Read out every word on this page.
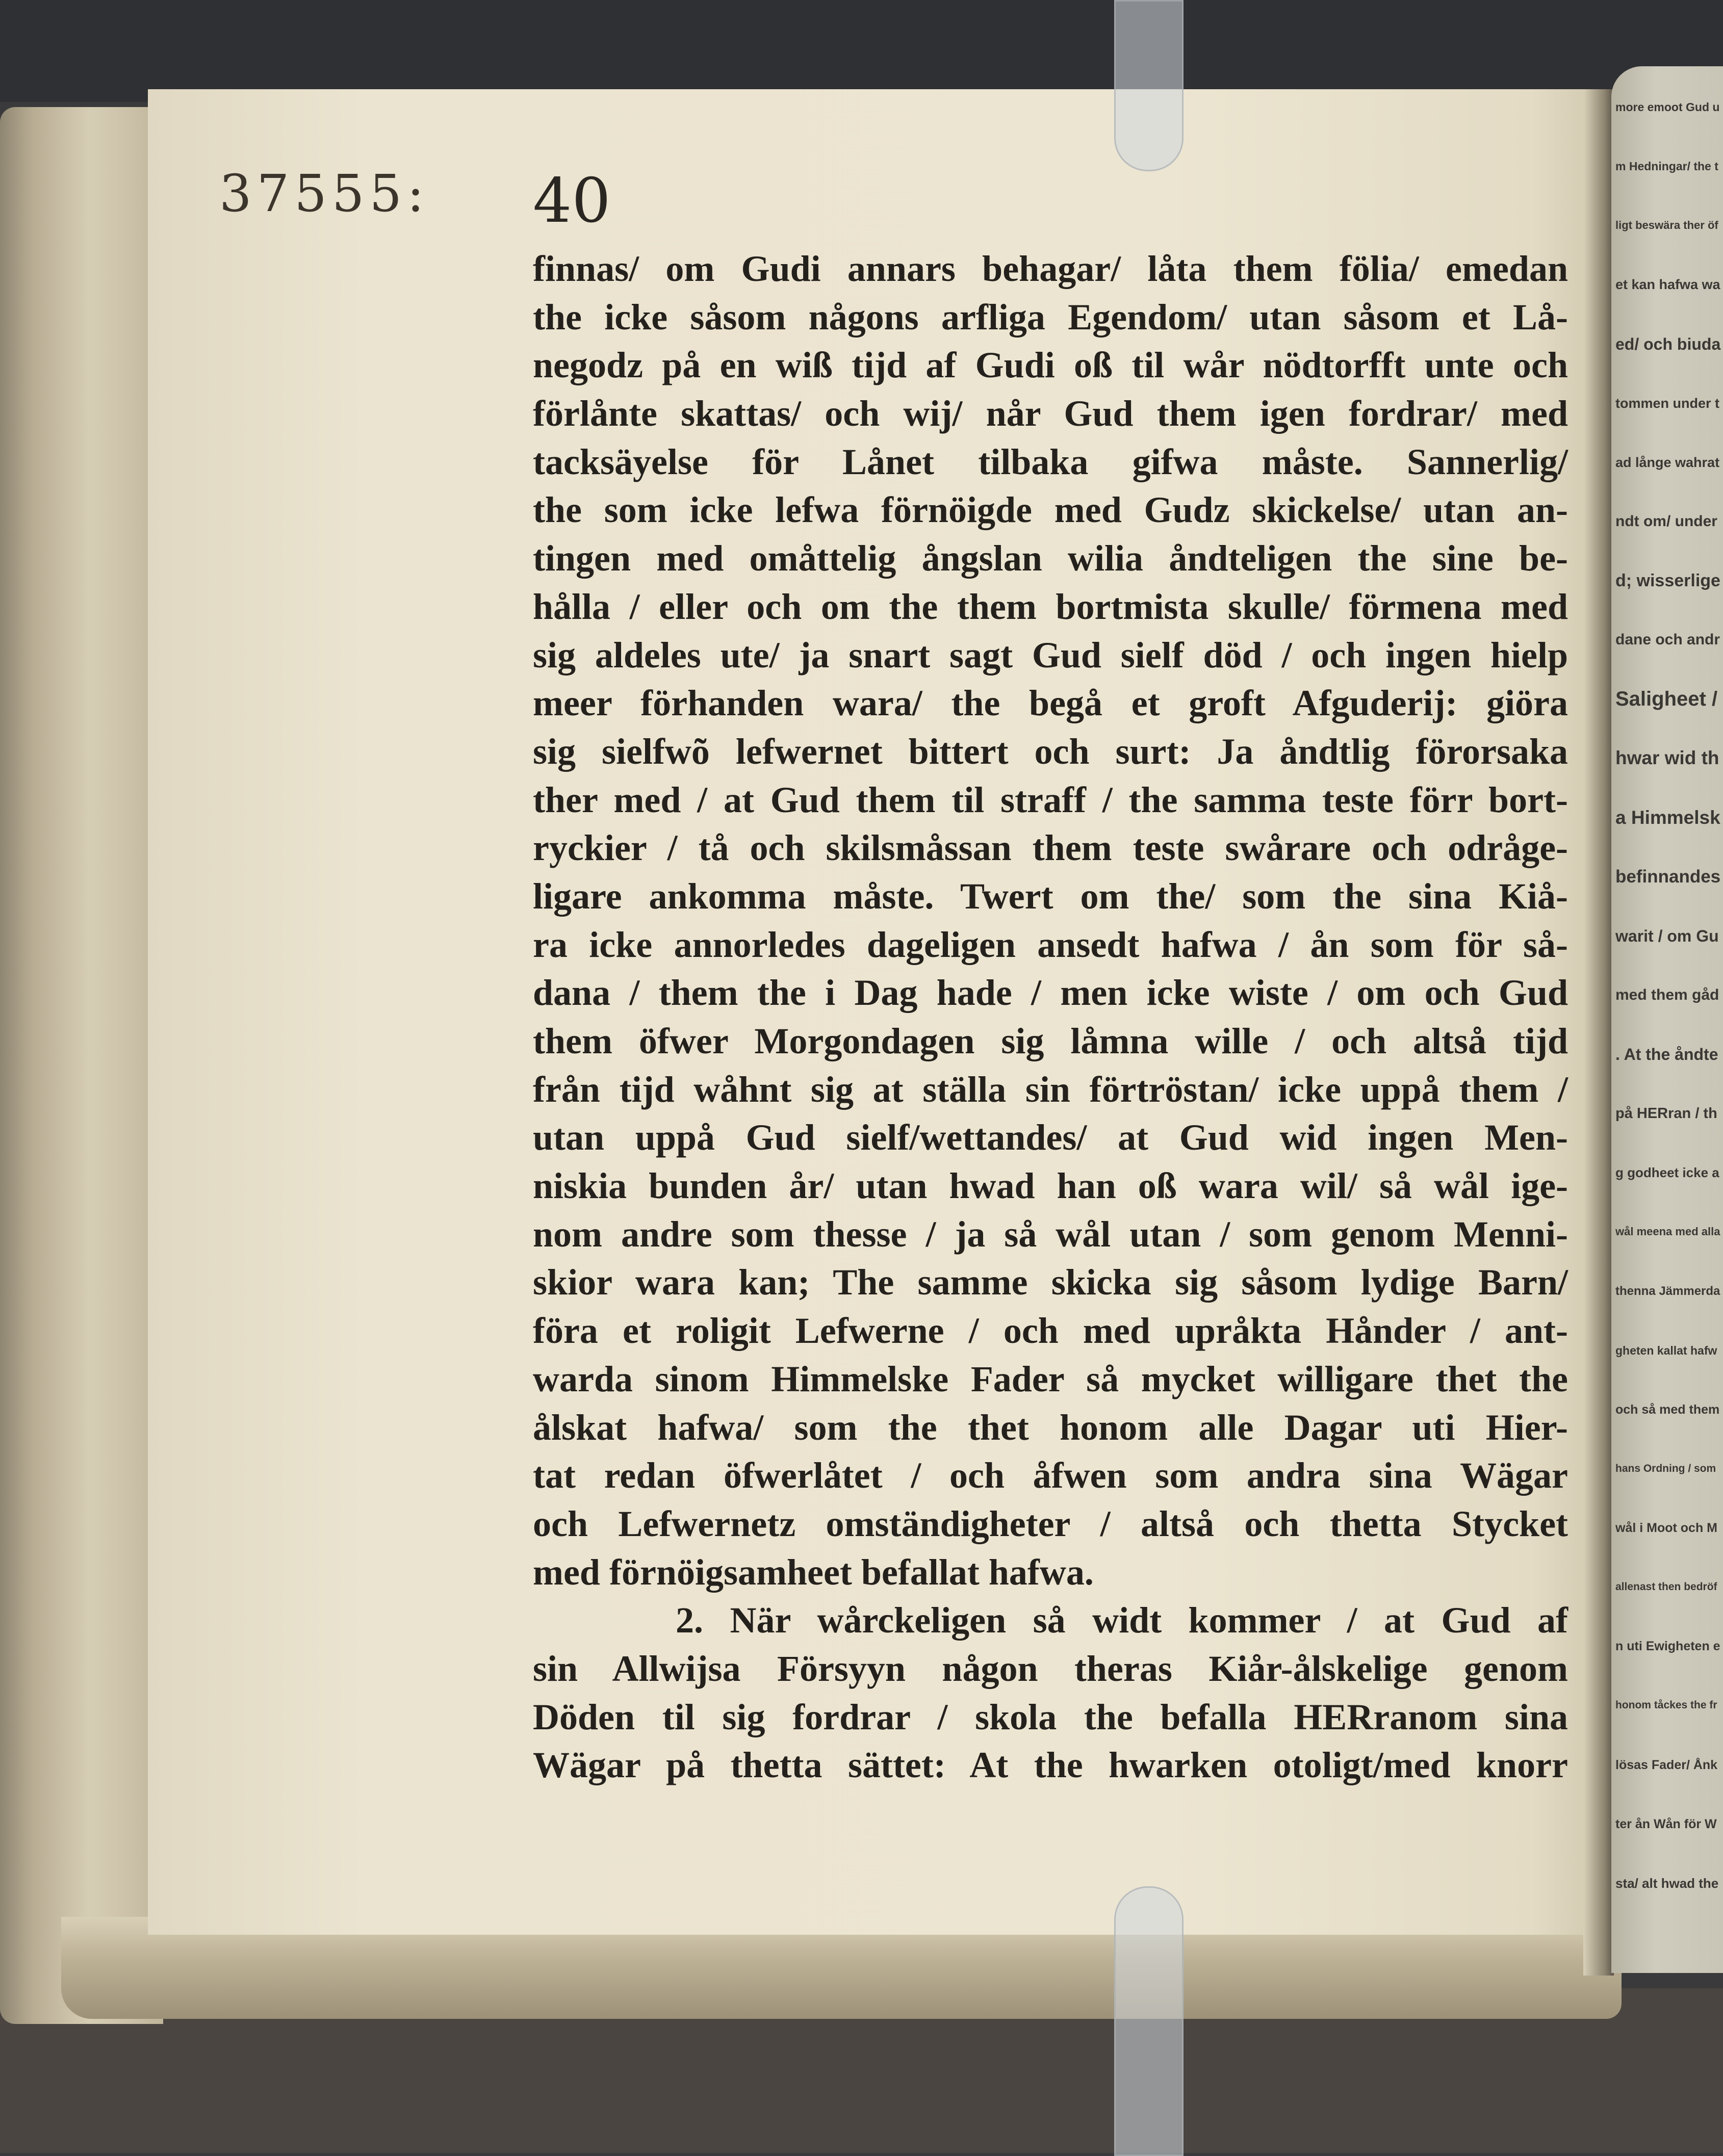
more emoot Gud u
m Hedningar/ the t
ligt beswära ther öf
et kan hafwa wa
ed/ och biuda
tommen under t
ad långe wahrat
ndt om/ under
d; wisserlige
dane och andr
Saligheet /
hwar wid th
a Himmelsk
befinnandes
warit / om Gu
med them gåd
. At the åndte
på HERran / th
g godheet icke a
wål meena med alla
thenna Jämmerda
gheten kallat hafw
och så med them
hans Ordning / som
wål i Moot och M
allenast then bedröf
n uti Ewigheten e
honom tåckes the fr
lösas Fader/ Ånk
ter ån Wån för W
sta/ alt hwad the
37555: 40
finnas/ om Gudi annars behagar/ låta them fölia/ emedan
the icke såsom någons arfliga Egendom/ utan såsom et Lå-
negodz på en wiß tijd af Gudi oß til wår nödtorfft unte och
förlånte skattas/ och wij/ når Gud them igen fordrar/ med
tacksäyelse för Lånet tilbaka gifwa måste. Sannerlig/
the som icke lefwa förnöigde med Gudz skickelse/ utan an-
tingen med omåttelig ångslan wilia åndteligen the sine be-
hålla / eller och om the them bortmista skulle/ förmena med
sig aldeles ute/ ja snart sagt Gud sielf död / och ingen hielp
meer förhanden wara/ the begå et groft Afguderij: giöra
sig sielfwõ lefwernet bittert och surt: Ja åndtlig förorsaka
ther med / at Gud them til straff / the samma teste förr bort-
ryckier / tå och skilsmåssan them teste swårare och odråge-
ligare ankomma måste. Twert om the/ som the sina Kiå-
ra icke annorledes dageligen ansedt hafwa / ån som för så-
dana / them the i Dag hade / men icke wiste / om och Gud
them öfwer Morgondagen sig låmna wille / och altså tijd
från tijd wåhnt sig at ställa sin förtröstan/ icke uppå them /
utan uppå Gud sielf/wettandes/ at Gud wid ingen Men-
niskia bunden år/ utan hwad han oß wara wil/ så wål ige-
nom andre som thesse / ja så wål utan / som genom Menni-
skior wara kan; The samme skicka sig såsom lydige Barn/
föra et roligit Lefwerne / och med upråkta Hånder / ant-
warda sinom Himmelske Fader så mycket willigare thet the
ålskat hafwa/ som the thet honom alle Dagar uti Hier-
tat redan öfwerlåtet / och åfwen som andra sina Wägar
och Lefwernetz omständigheter / altså och thetta Stycket
med förnöigsamheet befallat hafwa.
2. När wårckeligen så widt kommer / at Gud af
sin Allwijsa Försyyn någon theras Kiår-ålskelige genom
Döden til sig fordrar / skola the befalla HERranom sina
Wägar på thetta sättet: At the hwarken otoligt/med knorr
